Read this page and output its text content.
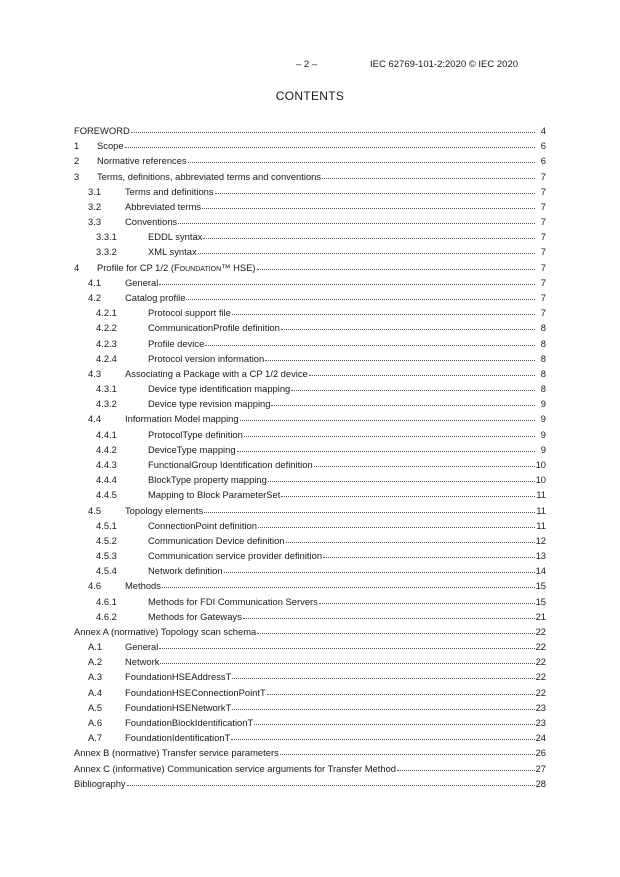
– 2 –	IEC 62769-101-2:2020 © IEC 2020
CONTENTS
FOREWORD	4
1	Scope	6
2	Normative references	6
3	Terms, definitions, abbreviated terms and conventions	7
3.1	Terms and definitions	7
3.2	Abbreviated terms	7
3.3	Conventions	7
3.3.1	EDDL syntax	7
3.3.2	XML syntax	7
4	Profile for CP 1/2 (Foundation™ HSE)	7
4.1	General	7
4.2	Catalog profile	7
4.2.1	Protocol support file	7
4.2.2	CommunicationProfile definition	8
4.2.3	Profile device	8
4.2.4	Protocol version information	8
4.3	Associating a Package with a CP 1/2 device	8
4.3.1	Device type identification mapping	8
4.3.2	Device type revision mapping	9
4.4	Information Model mapping	9
4.4.1	ProtocolType definition	9
4.4.2	DeviceType mapping	9
4.4.3	FunctionalGroup Identification definition	10
4.4.4	BlockType property mapping	10
4.4.5	Mapping to Block ParameterSet	11
4.5	Topology elements	11
4.5.1	ConnectionPoint definition	11
4.5.2	Communication Device definition	12
4.5.3	Communication service provider definition	13
4.5.4	Network definition	14
4.6	Methods	15
4.6.1	Methods for FDI Communication Servers	15
4.6.2	Methods for Gateways	21
Annex A (normative) Topology scan schema	22
A.1	General	22
A.2	Network	22
A.3	FoundationHSEAddressT	22
A.4	FoundationHSEConnectionPointT	22
A.5	FoundationHSENetworkT	23
A.6	FoundationBlockIdentificationT	23
A.7	FoundationIdentificationT	24
Annex B (normative) Transfer service parameters	26
Annex C (informative) Communication service arguments for Transfer Method	27
Bibliography	28
